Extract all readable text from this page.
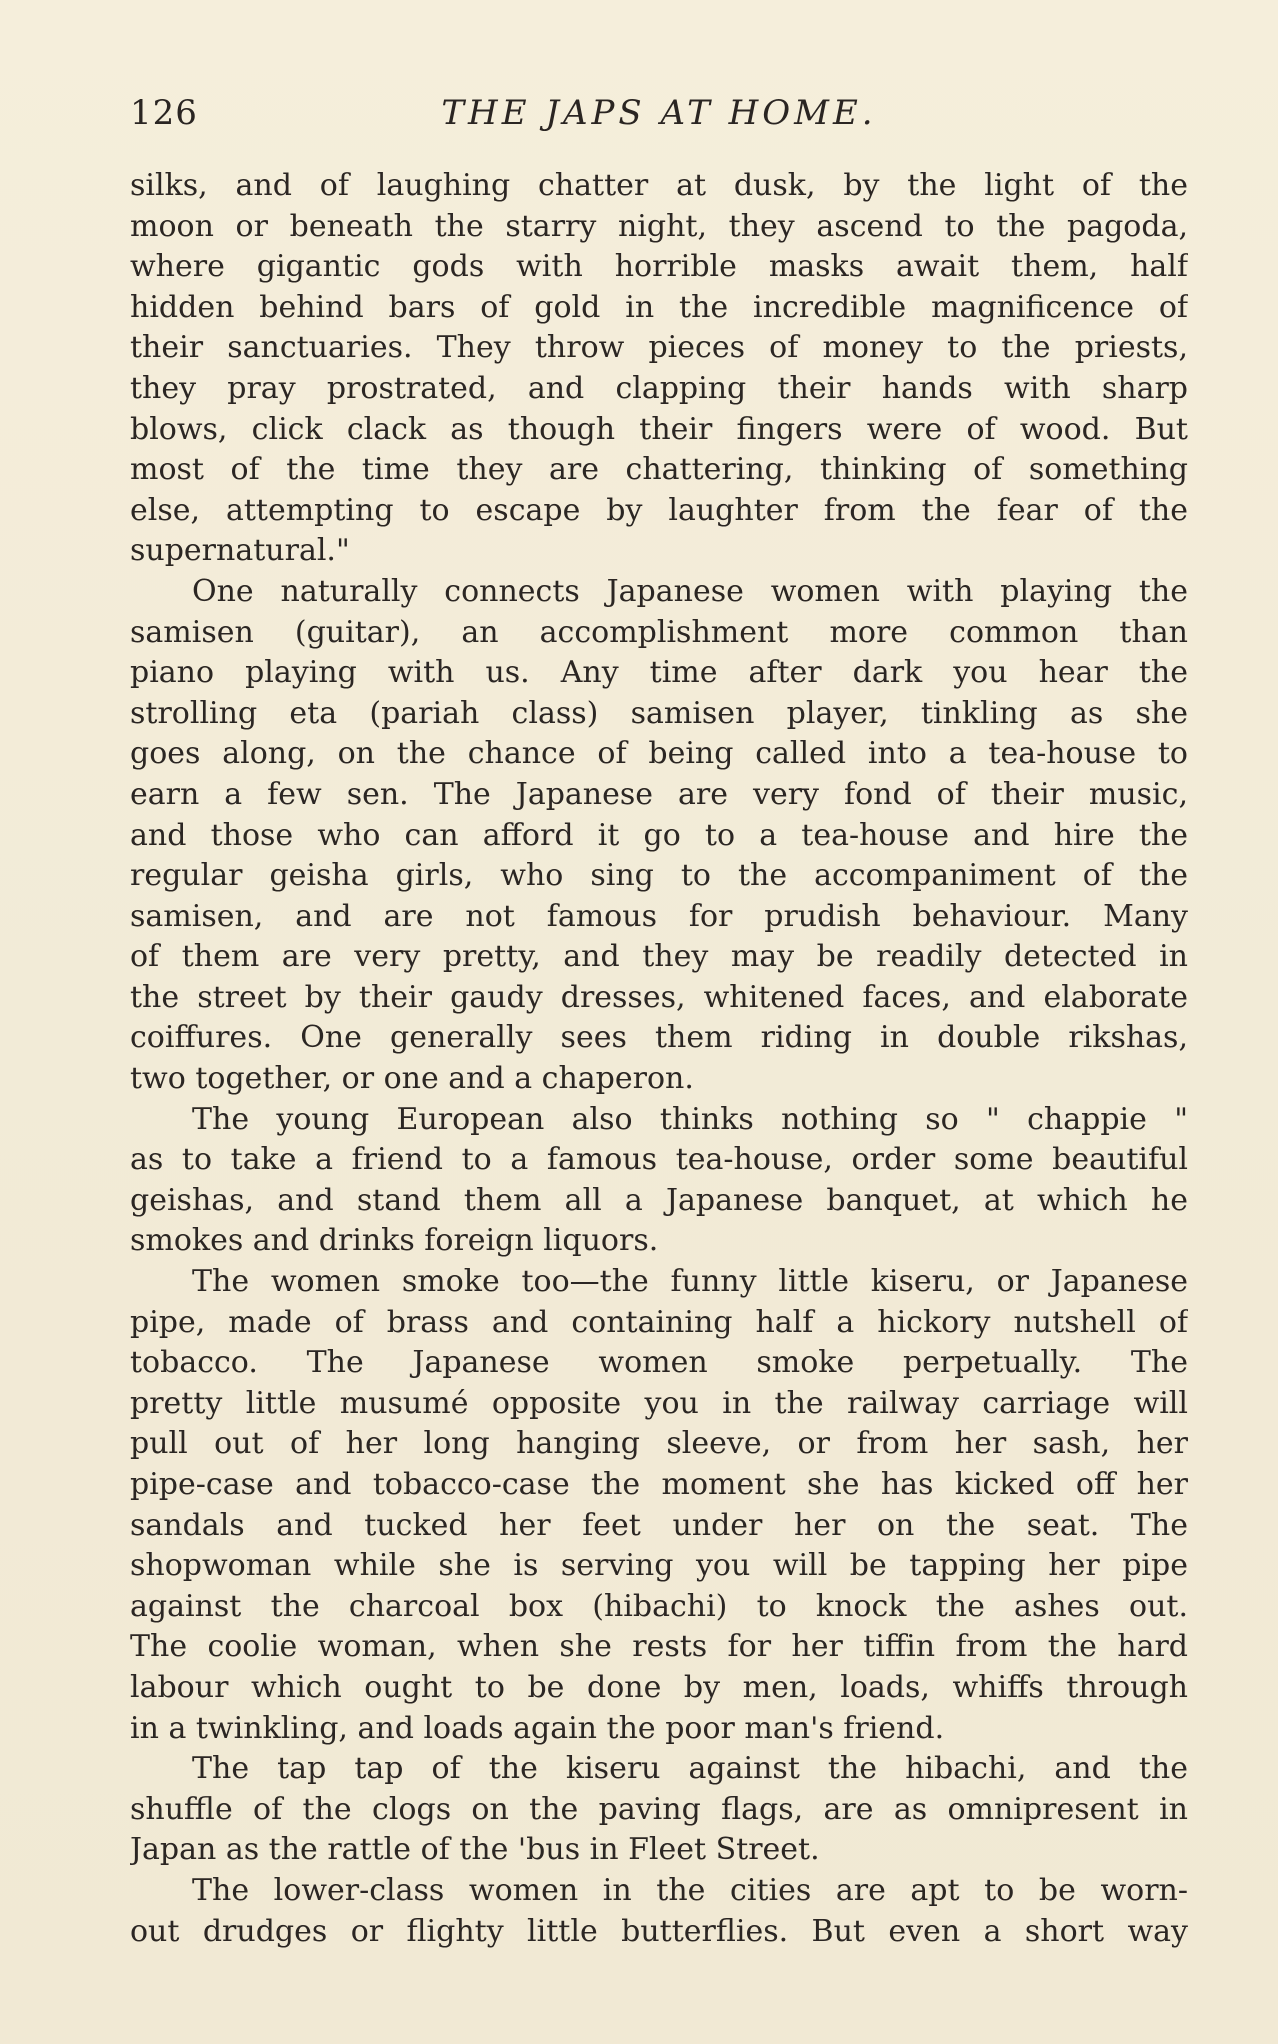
126	THE JAPS AT HOME.
silks, and of laughing chatter at dusk, by the light of the
moon or beneath the starry night, they ascend to the pagoda,
where gigantic gods with horrible masks await them, half
hidden behind bars of gold in the incredible magnificence of
their sanctuaries. They throw pieces of money to the priests,
they pray prostrated, and clapping their hands with sharp
blows, click clack as though their fingers were of wood. But
most of the time they are chattering, thinking of something
else, attempting to escape by laughter from the fear of the
supernatural."
One naturally connects Japanese women with playing the
samisen (guitar), an accomplishment more common than
piano playing with us. Any time after dark you hear the
strolling eta (pariah class) samisen player, tinkling as she
goes along, on the chance of being called into a tea-house to
earn a few sen. The Japanese are very fond of their music,
and those who can afford it go to a tea-house and hire the
regular geisha girls, who sing to the accompaniment of the
samisen, and are not famous for prudish behaviour. Many
of them are very pretty, and they may be readily detected in
the street by their gaudy dresses, whitened faces, and elaborate
coiffures. One generally sees them riding in double rikshas,
two together, or one and a chaperon.
The young European also thinks nothing so " chappie "
as to take a friend to a famous tea-house, order some beautiful
geishas, and stand them all a Japanese banquet, at which he
smokes and drinks foreign liquors.
The women smoke too—the funny little kiseru, or Japanese
pipe, made of brass and containing half a hickory nutshell of
tobacco. The Japanese women smoke perpetually. The
pretty little musumé opposite you in the railway carriage will
pull out of her long hanging sleeve, or from her sash, her
pipe-case and tobacco-case the moment she has kicked off her
sandals and tucked her feet under her on the seat. The
shopwoman while she is serving you will be tapping her pipe
against the charcoal box (hibachi) to knock the ashes out.
The coolie woman, when she rests for her tiffin from the hard
labour which ought to be done by men, loads, whiffs through
in a twinkling, and loads again the poor man's friend.
The tap tap of the kiseru against the hibachi, and the
shuffle of the clogs on the paving flags, are as omnipresent in
Japan as the rattle of the 'bus in Fleet Street.
The lower-class women in the cities are apt to be worn-
out drudges or flighty little butterflies. But even a short way
